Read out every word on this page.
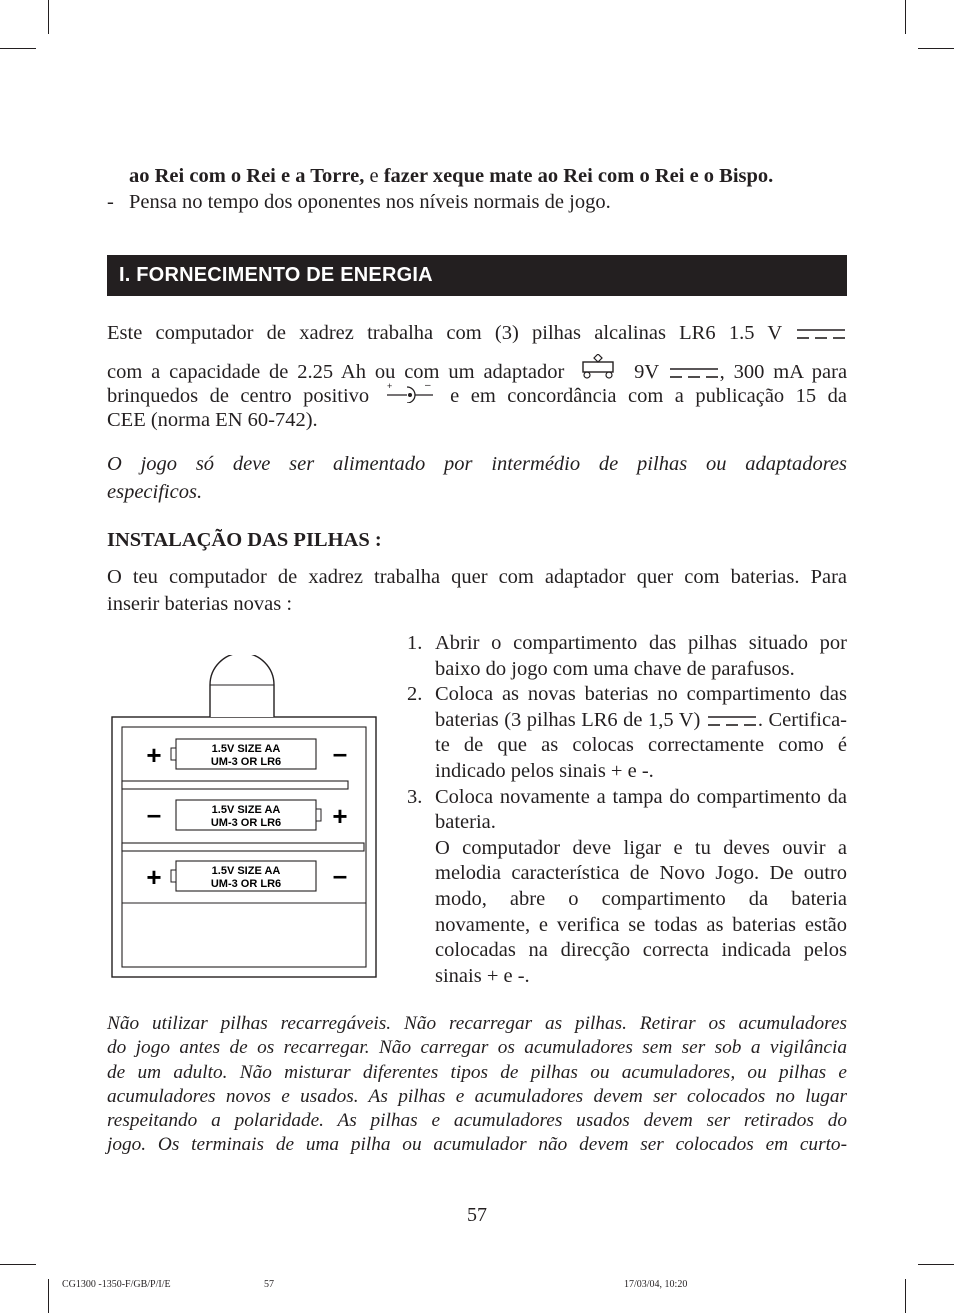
ao Rei com o Rei e a Torre, e fazer xeque mate ao Rei com o Rei e o Bispo.

- Pensa no tempo dos oponentes nos níveis normais de jogo.

I. FORNECIMENTO DE ENERGIA

Este computador de xadrez trabalha com (3) pilhas alcalinas LR6 1.5 V

com a capacidade de 2.25 Ah ou com um adaptador	9V	, 300 mA para

brinquedos de centro positivo +	– e em concordância com a publicação 15 da

CEE (norma EN 60-742).

O jogo só deve ser alimentado por intermédio de pilhas ou adaptadores

especificos.

INSTALAÇÃO DAS PILHAS :

O teu computador de xadrez trabalha quer com adaptador quer com baterias. Para

inserir baterias novas :

1.5V SIZE AA
UM-3 OR LR6
+	–
1.5V SIZE AA
UM-3 OR LR6
–	+
1.5V SIZE AA
UM-3 OR LR6
+	–
1. Abrir o compartimento das pilhas situado por baixo do jogo com uma chave de parafusos.
2. Coloca as novas baterias no compartimento das baterias (3 pilhas LR6 de 1,5 V)	. Certifica-te de que as colocas correctamente como é indicado pelos sinais + e -.
3. Coloca novamente a tampa do compartimento da bateria.
O computador deve ligar e tu deves ouvir a melodia característica de Novo Jogo. De outro modo, abre o compartimento da bateria novamente, e verifica se todas as baterias estão colocadas na direcção correcta indicada pelos sinais + e -.
Não utilizar pilhas recarregáveis. Não recarregar as pilhas. Retirar os acumuladores
do jogo antes de os recarregar. Não carregar os acumuladores sem ser sob a vigilância
de um adulto. Não misturar diferentes tipos de pilhas ou acumuladores, ou pilhas e
acumuladores novos e usados. As pilhas e acumuladores devem ser colocados no lugar
respeitando a polaridade. As pilhas e acumuladores usados devem ser retirados do
jogo. Os terminais de uma pilha ou acumulador não devem ser colocados em curto-
57
CG1300 -1350-F/GB/P/I/E	57	17/03/04, 10:20
